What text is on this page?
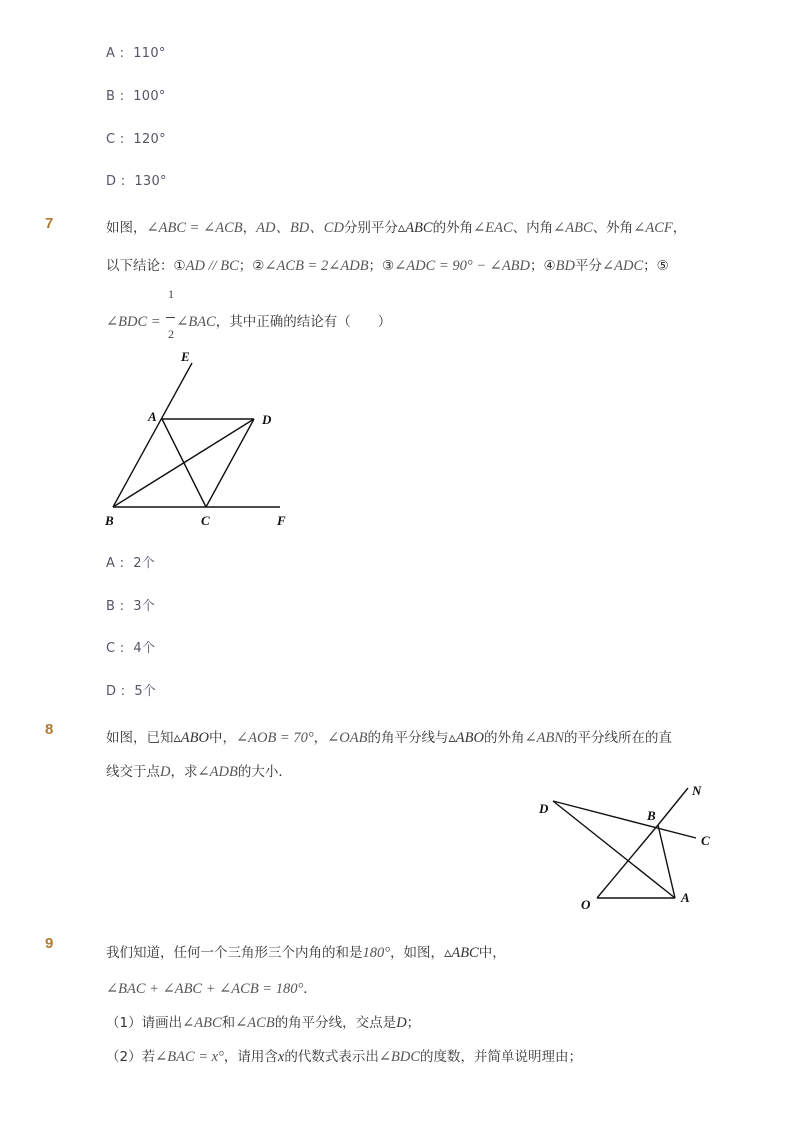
A : 110°
B : 100°
C : 120°
D : 130°
7	如图，∠ABC = ∠ACB，AD、BD、CD分别平分▵ABC的外角∠EAC、内角∠ABC、外角∠ACF，
以下结论：①AD // BC；②∠ACB = 2∠ADB；③∠ADC = 90° − ∠ABD；④BD平分∠ADC；⑤
1
2
∠BDC = ∠BAC，其中正确的结论有（　　）
E
A	D
B	C	F
A : 2个
B : 3个
C : 4个
D : 5个
8	如图，已知▵ABO中，∠AOB = 70°，∠OAB的角平分线与▵ABO的外角∠ABN的平分线所在的直
线交于点D，求∠ADB的大小．
D	B
N
C
O	A
9
我们知道，任何一个三角形三个内角的和是180°，如图，▵ABC中，
∠BAC + ∠ABC + ∠ACB = 180°．
（1）请画出∠ABC和∠ACB的角平分线，交点是D；
（2）若∠BAC = x°，请用含x的代数式表示出∠BDC的度数，并简单说明理由；
